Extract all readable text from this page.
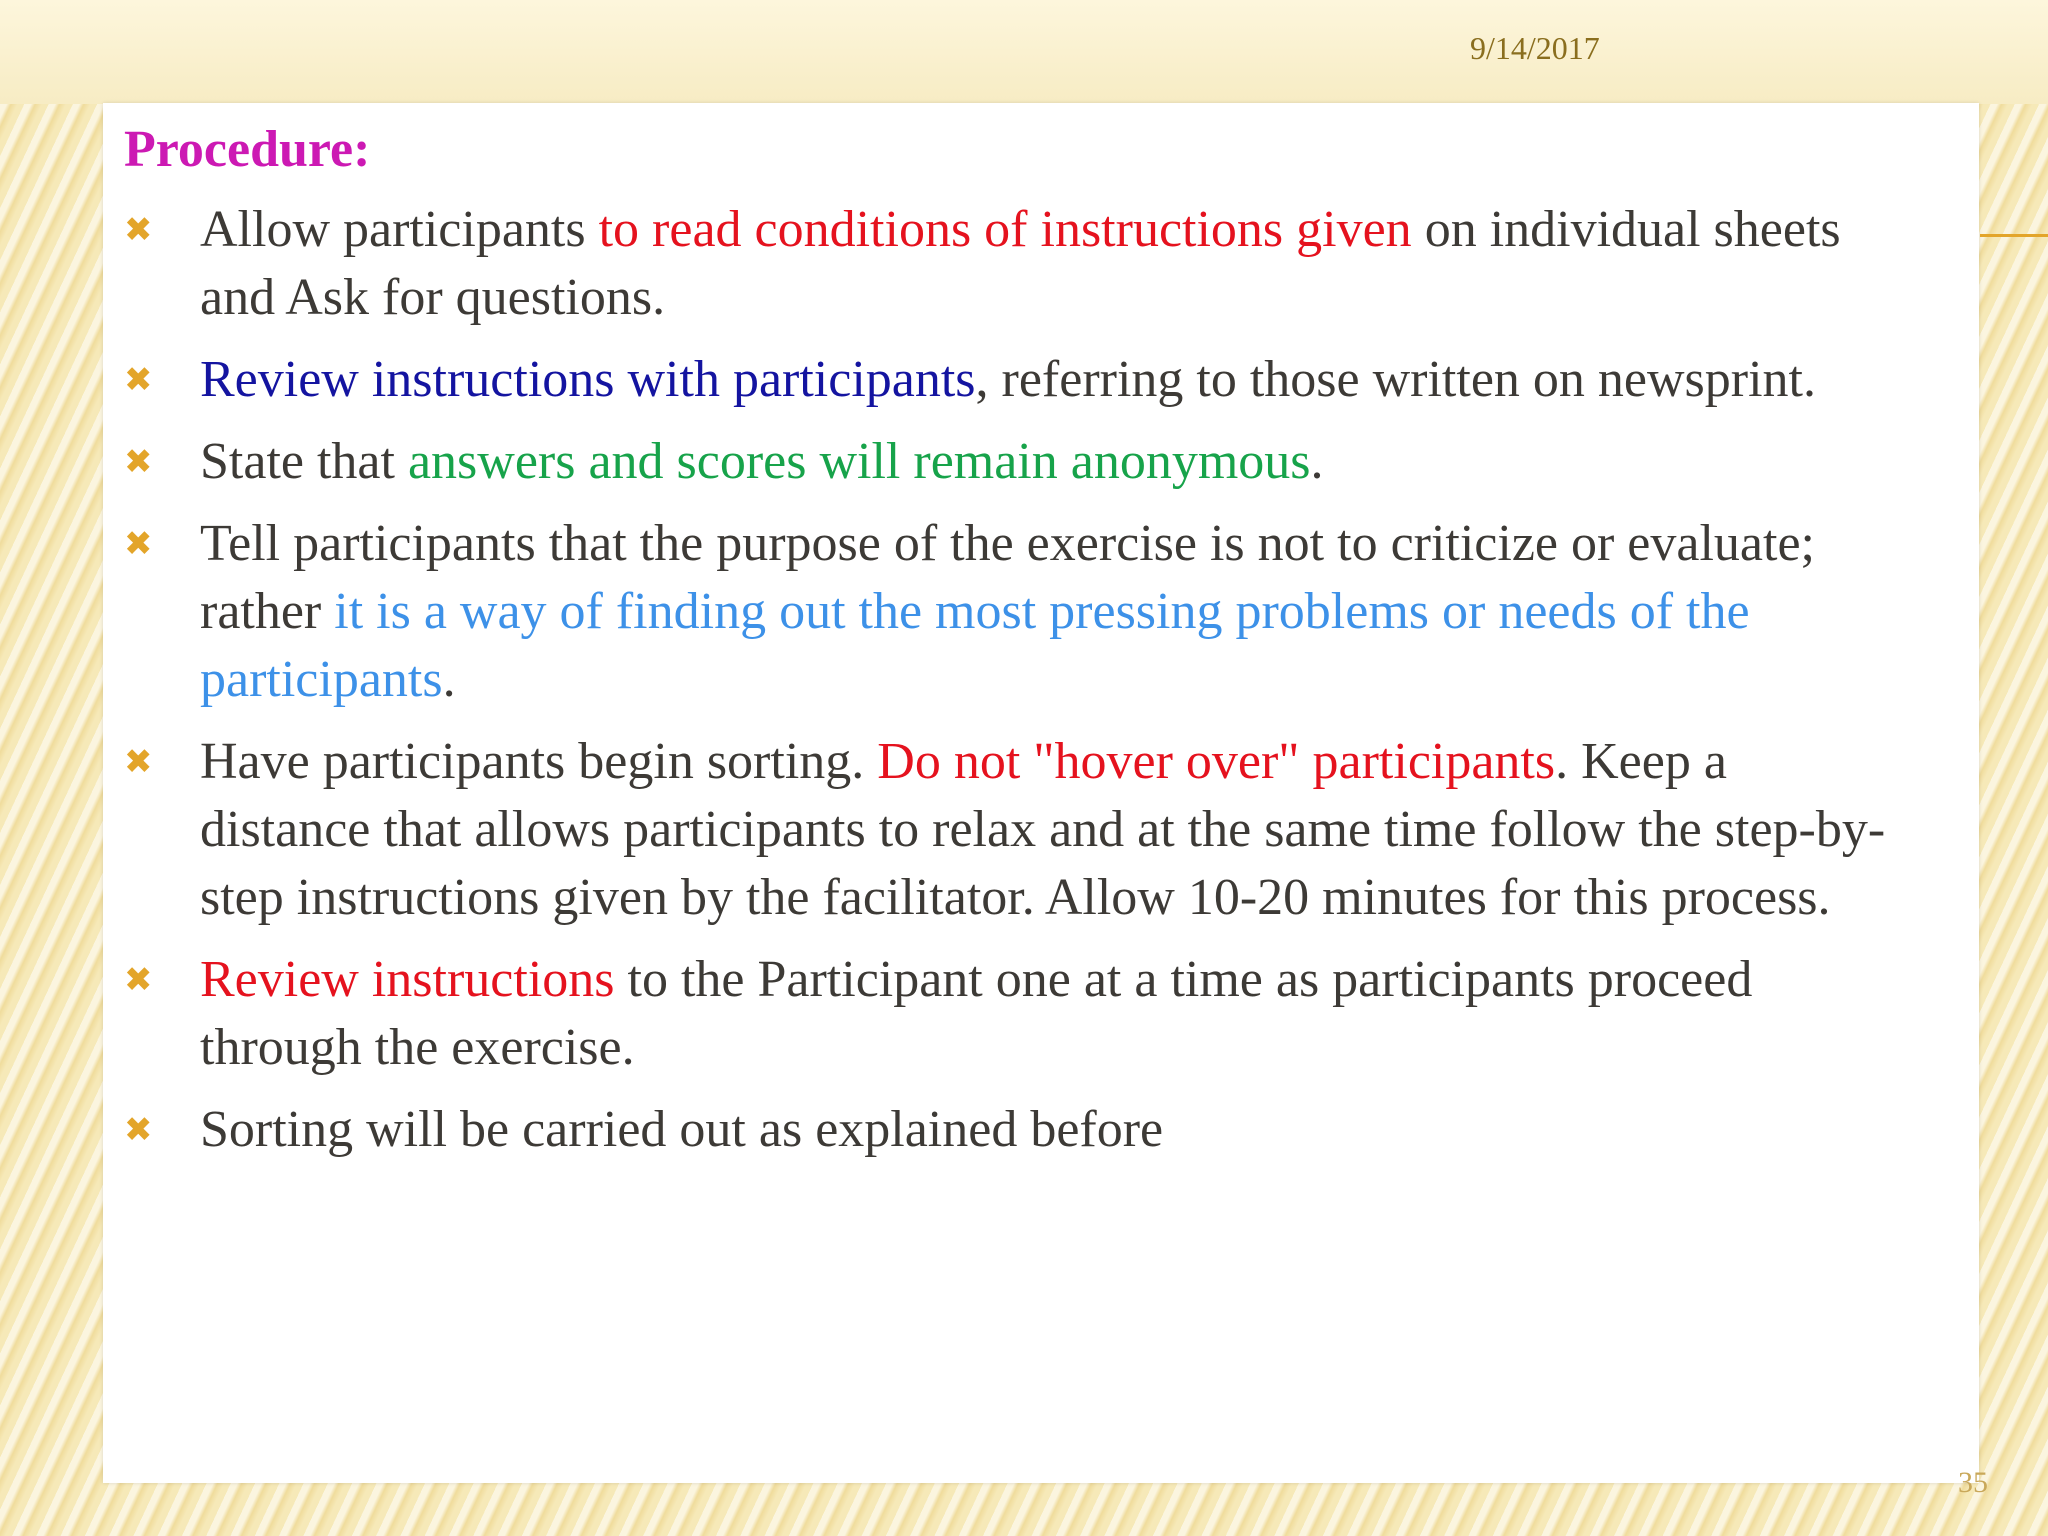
9/14/2017
Procedure:
✖ Allow participants to read conditions of instructions given on individual sheets and Ask for questions.
✖ Review instructions with participants, referring to those written on newsprint.
✖ State that answers and scores will remain anonymous.
✖ Tell participants that the purpose of the exercise is not to criticize or evaluate; rather it is a way of finding out the most pressing problems or needs of the participants.
✖ Have participants begin sorting. Do not "hover over" participants. Keep a distance that allows participants to relax and at the same time follow the step-by-step instructions given by the facilitator. Allow 10-20 minutes for this process.
✖ Review instructions to the Participant one at a time as participants proceed through the exercise.
✖ Sorting will be carried out as explained before
35
